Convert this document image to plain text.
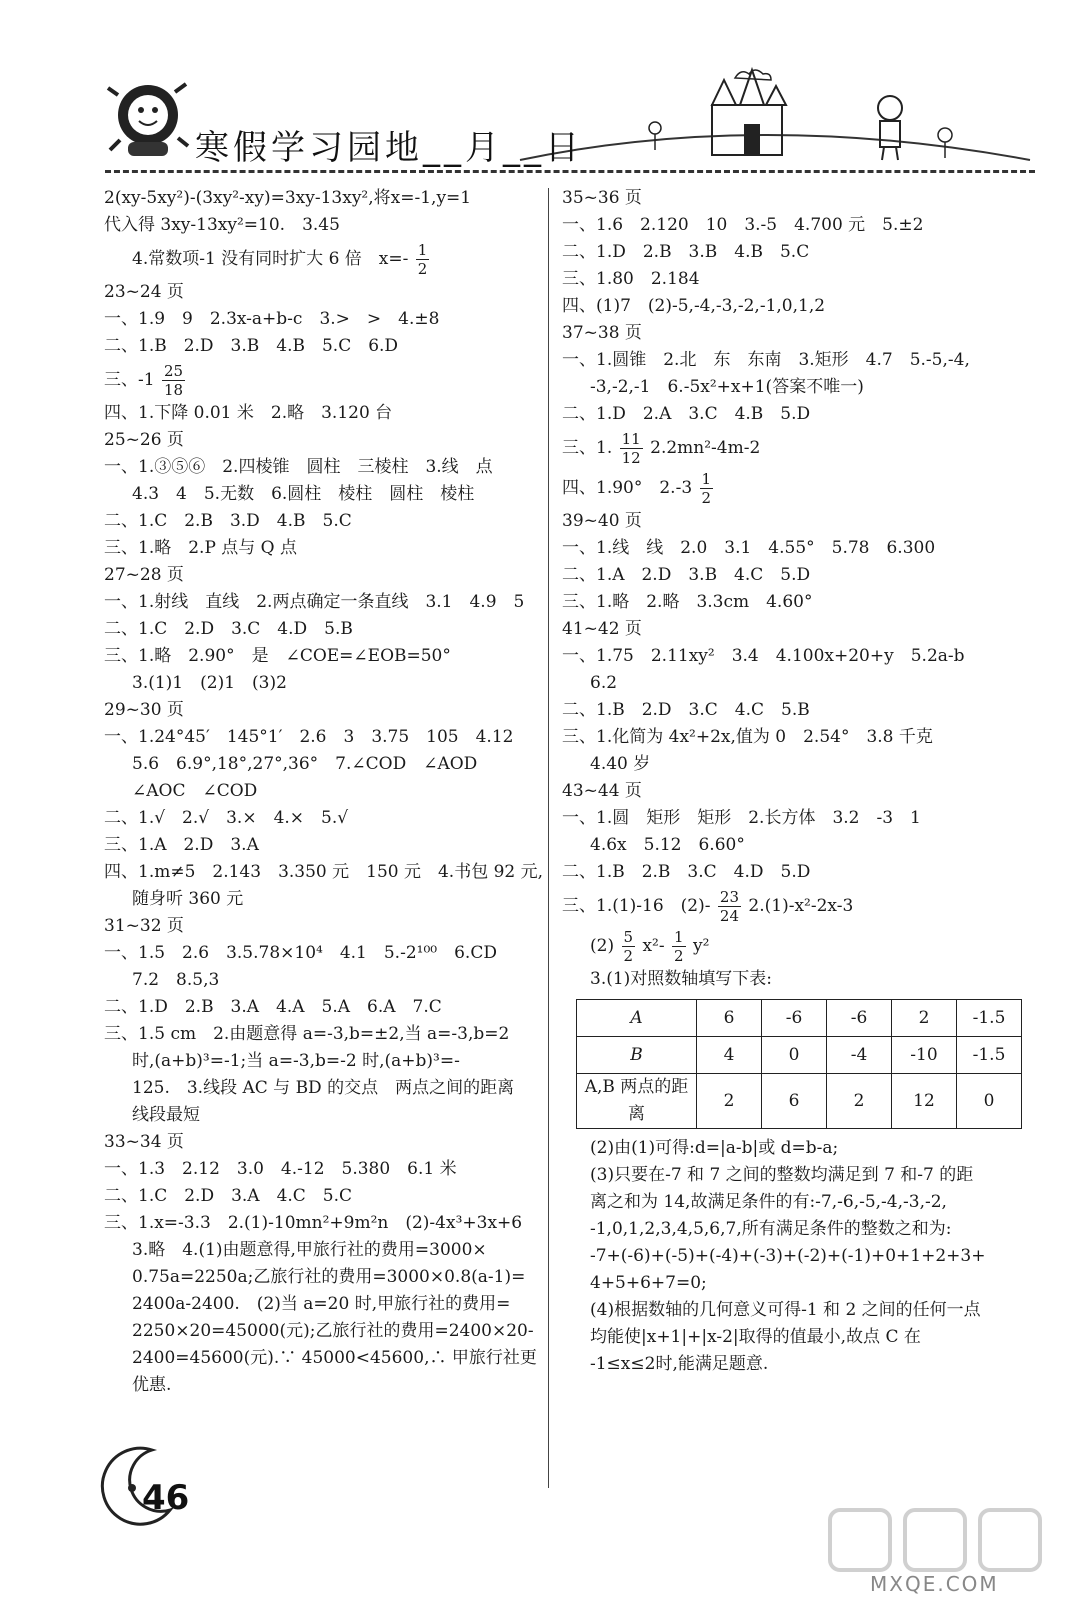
寒假学习园地__月__日
2(xy-5xy²)-(3xy²-xy)=3xy-13xy²,将x=-1,y=1
代入得 3xy-13xy²=10.　3.45
4.常数项-1 没有同时扩大 6 倍　$x=- \frac{1}{2}$
23~24 页
一、1.9　9　2.3x-a+b-c　3.>　>　4.±8
二、1.B　2.D　3.B　4.B　5.C　6.D
三、$-1 \frac{25}{18}$
四、1.下降 0.01 米　2.略　3.120 台
25~26 页
一、1.③⑤⑥　2.四棱锥　圆柱　三棱柱　3.线　点
4.3　4　5.无数　6.圆柱　棱柱　圆柱　棱柱
二、1.C　2.B　3.D　4.B　5.C
三、1.略　2.P 点与 Q 点
27~28 页
一、1.射线　直线　2.两点确定一条直线　3.1　4.9　5
二、1.C　2.D　3.C　4.D　5.B
三、1.略　2.90°　是　∠COE=∠EOB=50°
3.(1)1　(2)1　(3)2
29~30 页
一、1.24°45′　145°1′　2.6　3　3.75　105　4.12
5.6　6.9°,18°,27°,36°　7.∠COD　∠AOD
∠AOC　∠COD
二、1.√　2.√　3.×　4.×　5.√
三、1.A　2.D　3.A
四、1.m≠5　2.143　3.350 元　150 元　4.书包 92 元,
随身听 360 元
31~32 页
一、1.5　2.6　3.5.78×10⁴　4.1　5.-2¹⁰⁰　6.CD
7.2　8.5,3
二、1.D　2.B　3.A　4.A　5.A　6.A　7.C
三、1.5 cm　2.由题意得 a=-3,b=±2,当 a=-3,b=2
时,(a+b)³=-1;当 a=-3,b=-2 时,(a+b)³=-
125.　3.线段 AC 与 BD 的交点　两点之间的距离
线段最短
33~34 页
一、1.3　2.12　3.0　4.-12　5.380　6.1 米
二、1.C　2.D　3.A　4.C　5.C
三、1.x=-3.3　2.(1)-10mn²+9m²n　(2)-4x³+3x+6
3.略　4.(1)由题意得,甲旅行社的费用=3000×
0.75a=2250a;乙旅行社的费用=3000×0.8(a-1)=
2400a-2400.　(2)当 a=20 时,甲旅行社的费用=
2250×20=45000(元);乙旅行社的费用=2400×20-
2400=45600(元).∵ 45000<45600,∴ 甲旅行社更
优惠.
35~36 页
一、1.6　2.120　10　3.-5　4.700 元　5.±2
二、1.D　2.B　3.B　4.B　5.C
三、1.80　2.184
四、(1)7　(2)-5,-4,-3,-2,-1,0,1,2
37~38 页
一、1.圆锥　2.北　东　东南　3.矩形　4.7　5.-5,-4,
-3,-2,-1　6.-5x²+x+1(答案不唯一)
二、1.D　2.A　3.C　4.B　5.D
三、1. $\frac{11}{12} 2.2mn^2-4m-2$
四、1.90°　$2.-3 \frac{1}{2}$
39~40 页
一、1.线　线　2.0　3.1　4.55°　5.78　6.300
二、1.A　2.D　3.B　4.C　5.D
三、1.略　2.略　3.3cm　4.60°
41~42 页
一、1.75　2.11xy²　3.4　4.100x+20+y　5.2a-b
6.2
二、1.B　2.D　3.C　4.C　5.B
三、1.化简为 4x²+2x,值为 0　2.54°　3.8 千克
4.40 岁
43~44 页
一、1.圆　矩形　矩形　2.长方体　3.2　-3　1
4.6x　5.12　6.60°
二、1.B　2.B　3.C　4.D　5.D
三、1.(1)-16　$(2)- \frac{23}{24} 2.(1)-x^2-2x-3$
$(2) \frac{5}{2} x^2- \frac{1}{2} y^2$
3.(1)对照数轴填写下表:
A	6	-6	-6	2	-1.5
B	4	0	-4	-10	-1.5
A,B 两点的距离	2	6	2	12	0
(2)由(1)可得:d=|a-b|或 d=b-a;
(3)只要在-7 和 7 之间的整数均满足到 7 和-7 的距
离之和为 14,故满足条件的有:-7,-6,-5,-4,-3,-2,
-1,0,1,2,3,4,5,6,7,所有满足条件的整数之和为:
-7+(-6)+(-5)+(-4)+(-3)+(-2)+(-1)+0+1+2+3+
4+5+6+7=0;
(4)根据数轴的几何意义可得-1 和 2 之间的任何一点
均能使|x+1|+|x-2|取得的值最小,故点 C 在
-1≤x≤2时,能满足题意.
46
MXQE.COM
